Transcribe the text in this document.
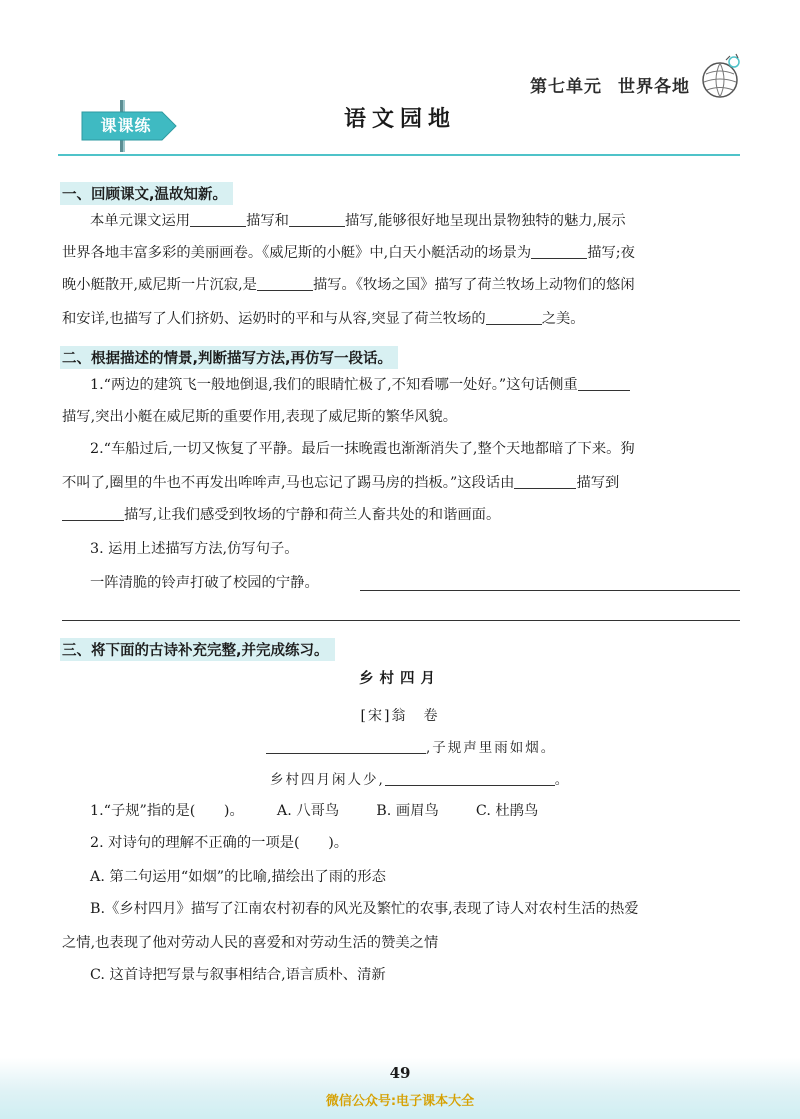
第七单元 世界各地
课课练	语文园地
一、回顾课文,温故知新。
本单元课文运用	描写和	描写,能够很好地呈现出景物独特的魅力,展示
世界各地丰富多彩的美丽画卷。《威尼斯的小艇》中,白天小艇活动的场景为	描写;夜
晚小艇散开,威尼斯一片沉寂,是	描写。《牧场之国》描写了荷兰牧场上动物们的悠闲
和安详,也描写了人们挤奶、运奶时的平和与从容,突显了荷兰牧场的	之美。
二、根据描述的情景,判断描写方法,再仿写一段话。
1.“两边的建筑飞一般地倒退,我们的眼睛忙极了,不知看哪一处好。”这句话侧重
描写,突出小艇在威尼斯的重要作用,表现了威尼斯的繁华风貌。
2.“车船过后,一切又恢复了平静。最后一抹晚霞也渐渐消失了,整个天地都暗了下来。狗
不叫了,圈里的牛也不再发出哞哞声,马也忘记了踢马房的挡板。”这段话由	描写到
描写,让我们感受到牧场的宁静和荷兰人畜共处的和谐画面。
3. 运用上述描写方法,仿写句子。
一阵清脆的铃声打破了校园的宁静。
三、将下面的古诗补充完整,并完成练习。
乡村四月
[宋]翁　卷
,子规声里雨如烟。
乡村四月闲人少,	。
1.“子规”指的是(　　)。 A. 八哥鸟	B. 画眉鸟	C. 杜鹃鸟
2. 对诗句的理解不正确的一项是(　　)。
A. 第二句运用“如烟”的比喻,描绘出了雨的形态
B.《乡村四月》描写了江南农村初春的风光及繁忙的农事,表现了诗人对农村生活的热爱
之情,也表现了他对劳动人民的喜爱和对劳动生活的赞美之情
C. 这首诗把写景与叙事相结合,语言质朴、清新
49
微信公众号:电子课本大全
